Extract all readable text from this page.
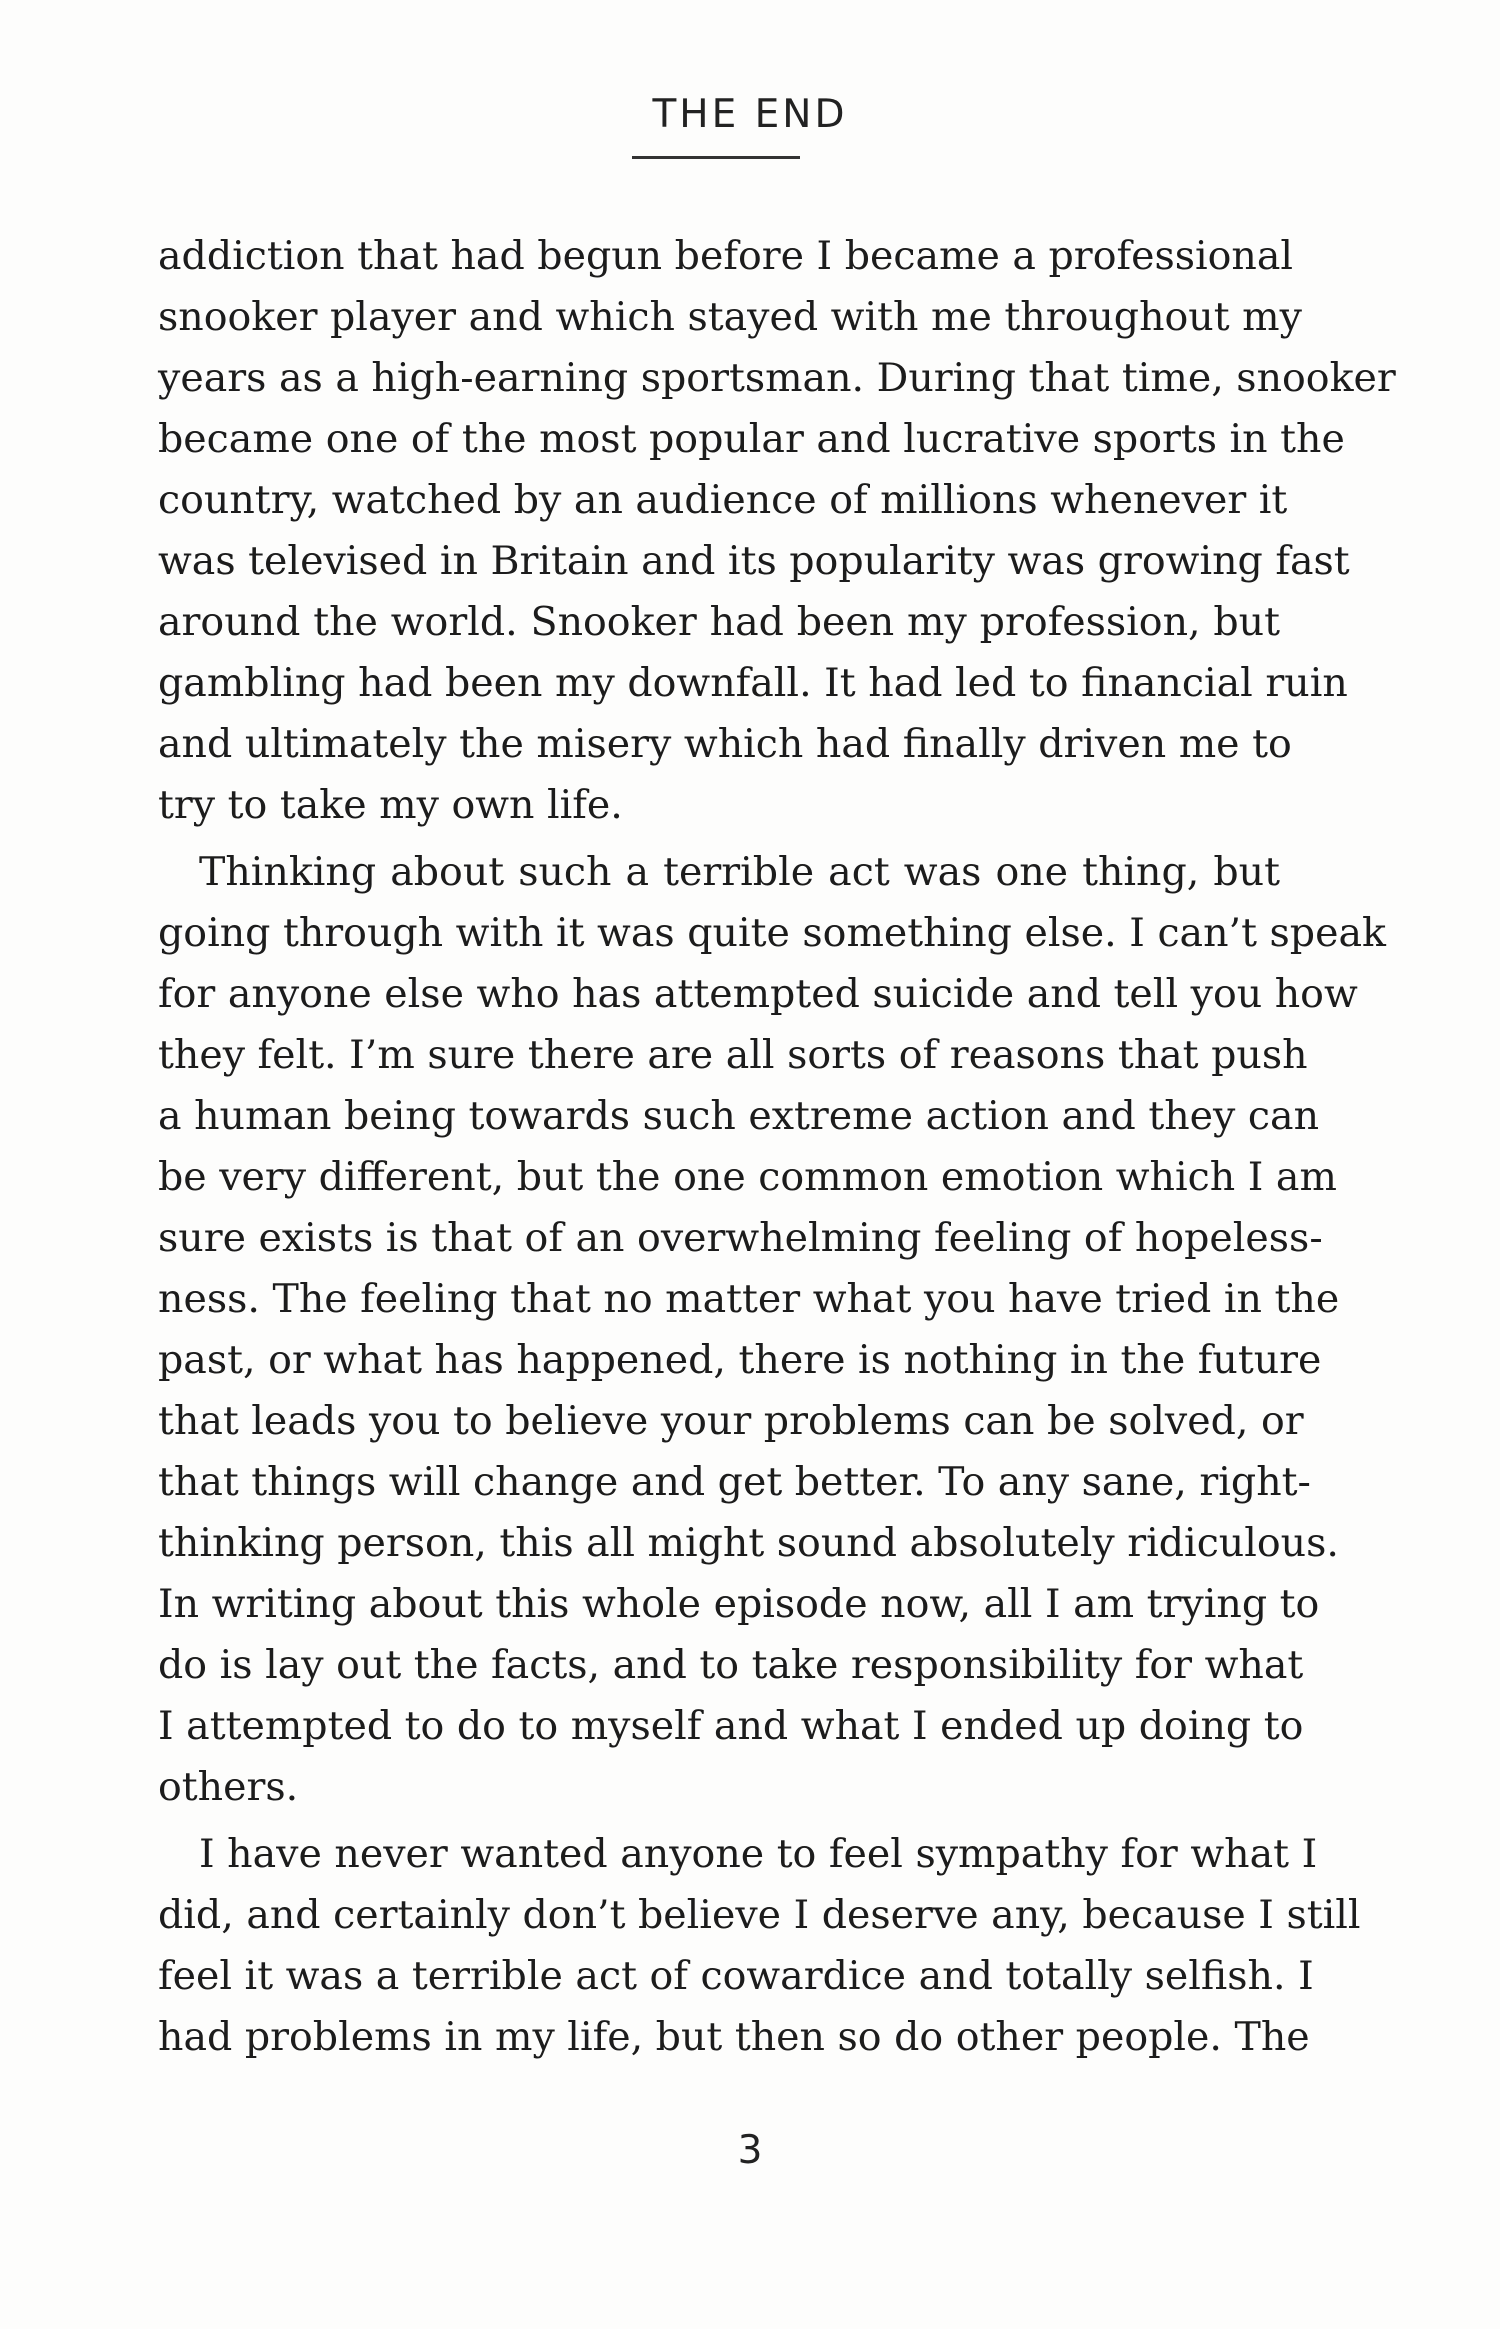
THE END
addiction that had begun before I became a professional
snooker player and which stayed with me throughout my
years as a high-earning sportsman. During that time, snooker
became one of the most popular and lucrative sports in the
country, watched by an audience of millions whenever it
was televised in Britain and its popularity was growing fast
around the world. Snooker had been my profession, but
gambling had been my downfall. It had led to financial ruin
and ultimately the misery which had finally driven me to
try to take my own life.
Thinking about such a terrible act was one thing, but
going through with it was quite something else. I can’t speak
for anyone else who has attempted suicide and tell you how
they felt. I’m sure there are all sorts of reasons that push
a human being towards such extreme action and they can
be very different, but the one common emotion which I am
sure exists is that of an overwhelming feeling of hopeless-
ness. The feeling that no matter what you have tried in the
past, or what has happened, there is nothing in the future
that leads you to believe your problems can be solved, or
that things will change and get better. To any sane, right-
thinking person, this all might sound absolutely ridiculous.
In writing about this whole episode now, all I am trying to
do is lay out the facts, and to take responsibility for what
I attempted to do to myself and what I ended up doing to
others.
I have never wanted anyone to feel sympathy for what I
did, and certainly don’t believe I deserve any, because I still
feel it was a terrible act of cowardice and totally selfish. I
had problems in my life, but then so do other people. The
3
